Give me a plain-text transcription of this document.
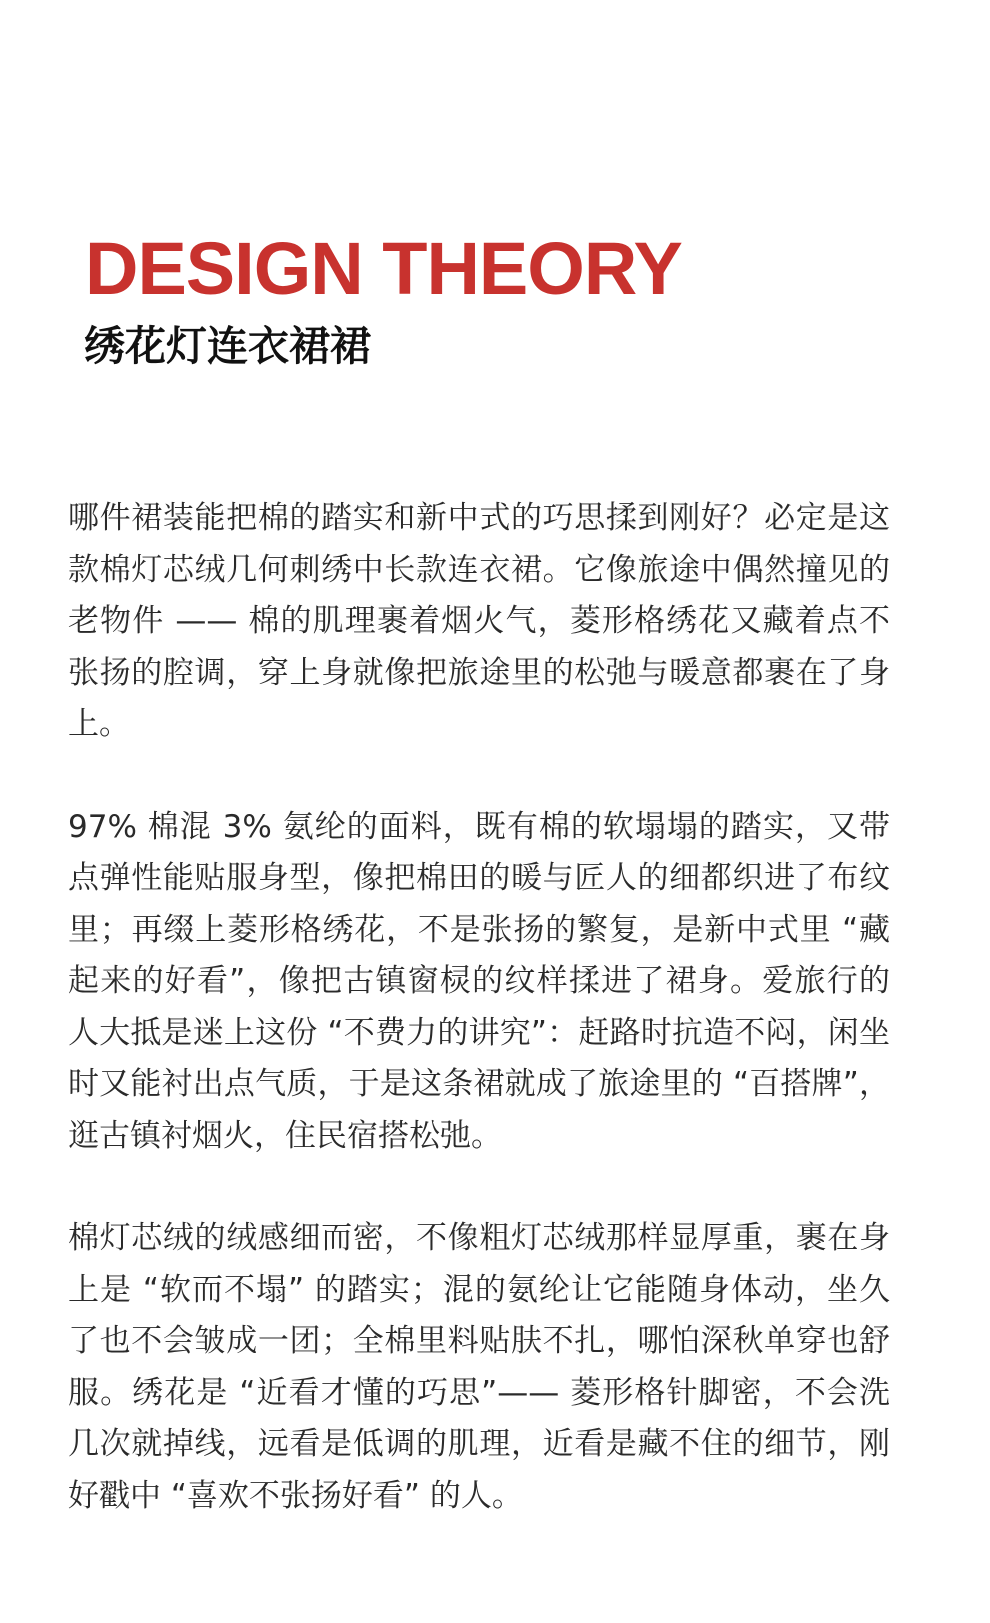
DESIGN THEORY
绣花灯连衣裙裙

哪件裙装能把棉的踏实和新中式的巧思揉到刚好？必定是这款棉灯芯绒几何刺绣中长款连衣裙。它像旅途中偶然撞见的老物件 —— 棉的肌理裹着烟火气，菱形格绣花又藏着点不张扬的腔调，穿上身就像把旅途里的松弛与暖意都裹在了身上。

97% 棉混 3% 氨纶的面料，既有棉的软塌塌的踏实，又带点弹性能贴服身型，像把棉田的暖与匠人的细都织进了布纹里；再缀上菱形格绣花，不是张扬的繁复，是新中式里 “藏起来的好看”，像把古镇窗棂的纹样揉进了裙身。爱旅行的人大抵是迷上这份 “不费力的讲究”：赶路时抗造不闷，闲坐时又能衬出点气质，于是这条裙就成了旅途里的 “百搭牌”，逛古镇衬烟火，住民宿搭松弛。

棉灯芯绒的绒感细而密，不像粗灯芯绒那样显厚重，裹在身上是 “软而不塌” 的踏实；混的氨纶让它能随身体动，坐久了也不会皱成一团；全棉里料贴肤不扎，哪怕深秋单穿也舒服。绣花是 “近看才懂的巧思”—— 菱形格针脚密，不会洗几次就掉线，远看是低调的肌理，近看是藏不住的细节，刚好戳中 “喜欢不张扬好看” 的人。
